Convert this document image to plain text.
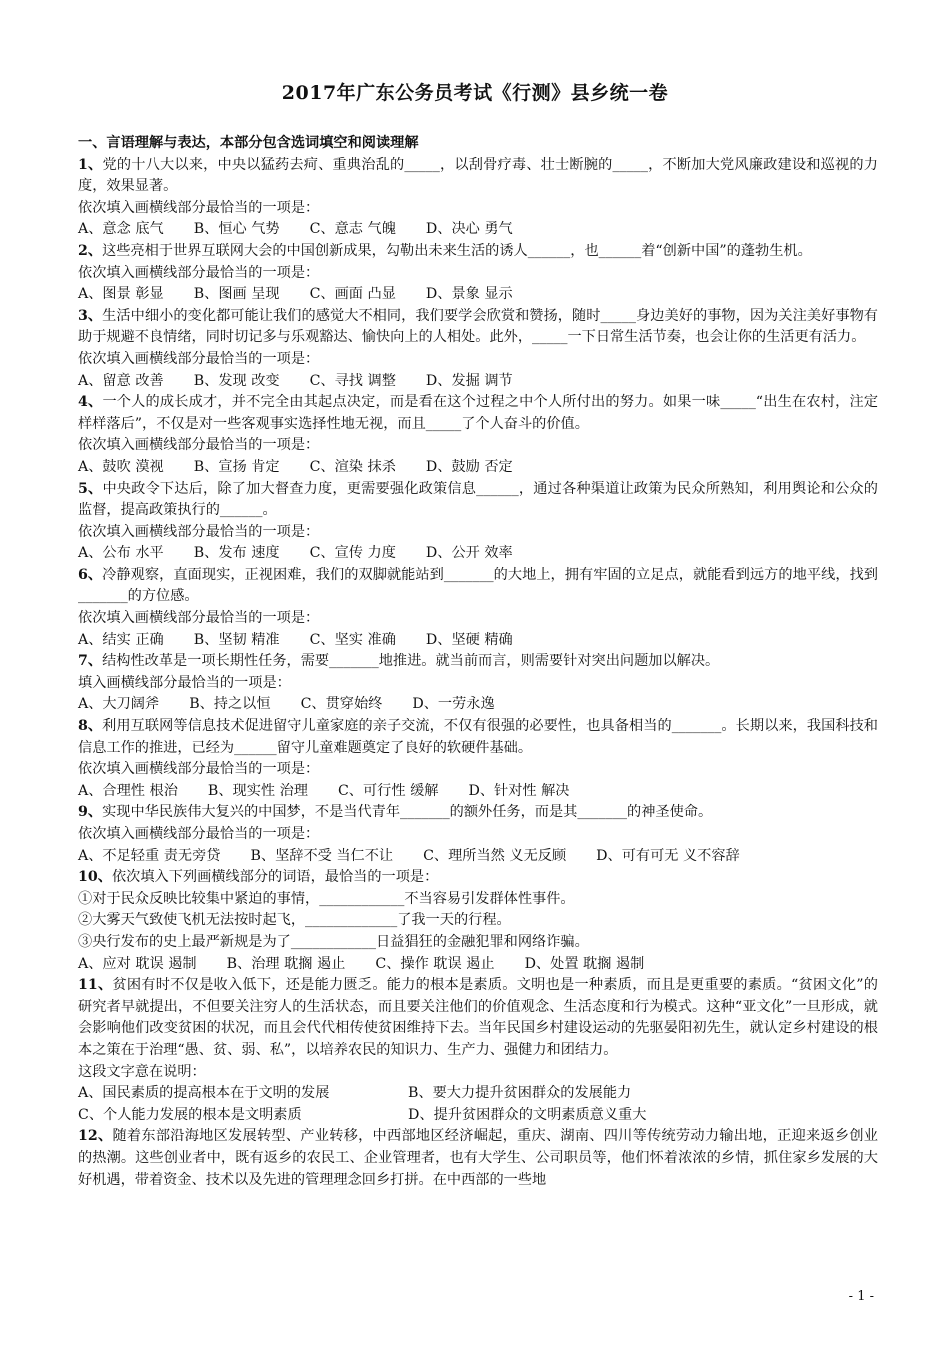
2017年广东公务员考试《行测》县乡统一卷
一、言语理解与表达，本部分包含选词填空和阅读理解

1、党的十八大以来，中央以猛药去疴、重典治乱的_____，以刮骨疗毒、壮士断腕的_____，不断加大党风廉政建设和巡视的力度，效果显著。

依次填入画横线部分最恰当的一项是：

A、意念 底气 B、恒心 气势 C、意志 气魄 D、决心 勇气

2、这些亮相于世界互联网大会的中国创新成果，勾勒出未来生活的诱人______，也______着“创新中国”的蓬勃生机。

依次填入画横线部分最恰当的一项是：

A、图景 彰显 B、图画 呈现 C、画面 凸显 D、景象 显示

3、生活中细小的变化都可能让我们的感觉大不相同，我们要学会欣赏和赞扬，随时_____身边美好的事物，因为关注美好事物有助于规避不良情绪，同时切记多与乐观豁达、愉快向上的人相处。此外，_____一下日常生活节奏，也会让你的生活更有活力。

依次填入画横线部分最恰当的一项是：

A、留意 改善 B、发现 改变 C、寻找 调整 D、发掘 调节

4、一个人的成长成才，并不完全由其起点决定，而是看在这个过程之中个人所付出的努力。如果一味_____“出生在农村，注定样样落后”，不仅是对一些客观事实选择性地无视，而且_____了个人奋斗的价值。

依次填入画横线部分最恰当的一项是：

A、鼓吹 漠视 B、宣扬 肯定 C、渲染 抹杀 D、鼓励 否定

5、中央政令下达后，除了加大督查力度，更需要强化政策信息______，通过各种渠道让政策为民众所熟知，利用舆论和公众的监督，提高政策执行的______。

依次填入画横线部分最恰当的一项是：

A、公布 水平 B、发布 速度 C、宣传 力度 D、公开 效率

6、冷静观察，直面现实，正视困难，我们的双脚就能站到_______的大地上，拥有牢固的立足点，就能看到远方的地平线，找到_______的方位感。

依次填入画横线部分最恰当的一项是：

A、结实 正确 B、坚韧 精准 C、坚实 准确 D、坚硬 精确

7、结构性改革是一项长期性任务，需要_______地推进。就当前而言，则需要针对突出问题加以解决。

填入画横线部分最恰当的一项是：

A、大刀阔斧 B、持之以恒 C、贯穿始终 D、一劳永逸

8、利用互联网等信息技术促进留守儿童家庭的亲子交流，不仅有很强的必要性，也具备相当的_______。长期以来，我国科技和信息工作的推进，已经为______留守儿童难题奠定了良好的软硬件基础。

依次填入画横线部分最恰当的一项是：

A、合理性 根治 B、现实性 治理 C、可行性 缓解 D、针对性 解决

9、实现中华民族伟大复兴的中国梦，不是当代青年_______的额外任务，而是其_______的神圣使命。

依次填入画横线部分最恰当的一项是：

A、不足轻重 责无旁贷 B、坚辞不受 当仁不让 C、理所当然 义无反顾 D、可有可无 义不容辞

10、依次填入下列画横线部分的词语，最恰当的一项是：

①对于民众反映比较集中紧迫的事情，____________不当容易引发群体性事件。

②大雾天气致使飞机无法按时起飞，_____________了我一天的行程。

③央行发布的史上最严新规是为了____________日益猖狂的金融犯罪和网络诈骗。

A、应对 耽误 遏制 B、治理 耽搁 遏止 C、操作 耽误 遏止 D、处置 耽搁 遏制

11、贫困有时不仅是收入低下，还是能力匮乏。能力的根本是素质。文明也是一种素质，而且是更重要的素质。“贫困文化”的研究者早就提出，不但要关注穷人的生活状态，而且要关注他们的价值观念、生活态度和行为模式。这种“亚文化”一旦形成，就会影响他们改变贫困的状况，而且会代代相传使贫困维持下去。当年民国乡村建设运动的先驱晏阳初先生，就认定乡村建设的根本之策在于治理“愚、贫、弱、私”，以培养农民的知识力、生产力、强健力和团结力。

这段文字意在说明：

A、国民素质的提高根本在于文明的发展	B、要大力提升贫困群众的发展能力
C、个人能力发展的根本是文明素质	D、提升贫困群众的文明素质意义重大

12、随着东部沿海地区发展转型、产业转移，中西部地区经济崛起，重庆、湖南、四川等传统劳动力输出地，正迎来返乡创业的热潮。这些创业者中，既有返乡的农民工、企业管理者，也有大学生、公司职员等，他们怀着浓浓的乡情，抓住家乡发展的大好机遇，带着资金、技术以及先进的管理理念回乡打拼。在中西部的一些地

- 1 -
